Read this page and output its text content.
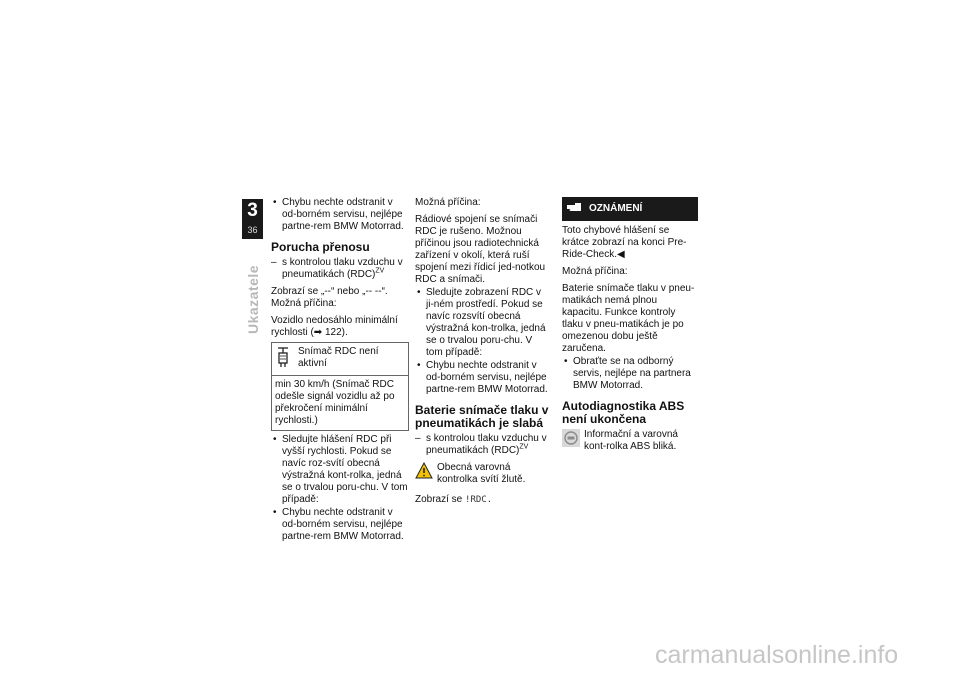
3
36
Ukazatele
• Chybu nechte odstranit v od-borném servisu, nejlépe partne-rem BMW Motorrad.
Porucha přenosu
– s kontrolou tlaku vzduchu v pneumatikách (RDC)$^{ZV}$

Zobrazí se „--“ nebo „-- --“.

Možná příčina:

Vozidlo nedosáhlo minimální rychlosti (➡ 122).

Snímač RDC není aktivní
min 30 km/h (Snímač RDC odešle signál vozidlu až po překročení minimální rychlosti.)
• Sledujte hlášení RDC při vyšší rychlosti. Pokud se navíc roz-svítí obecná výstražná kont-rolka, jedná se o trvalou poru-chu. V tom případě:
• Chybu nechte odstranit v od-borném servisu, nejlépe partne-rem BMW Motorrad.

Možná příčina:

Rádiové spojení se snímači RDC je rušeno. Možnou příčinou jsou radiotechnická zařízení v okolí, která ruší spojení mezi řídicí jed-notkou RDC a snímači.

• Sledujte zobrazení RDC v ji-ném prostředí. Pokud se navíc rozsvítí obecná výstražná kon-trolka, jedná se o trvalou poru-chu. V tom případě:
• Chybu nechte odstranit v od-borném servisu, nejlépe partne-rem BMW Motorrad.
Baterie snímače tlaku v pneumatikách je slabá
– s kontrolou tlaku vzduchu v pneumatikách (RDC)$^{ZV}$
Obecná varovná kontrolka svítí žlutě.

Zobrazí se !RDC.

OZNÁMENÍ

Toto chybové hlášení se krátce zobrazí na konci Pre-Ride-Check.◀

Možná příčina:

Baterie snímače tlaku v pneu-matikách nemá plnou kapacitu. Funkce kontroly tlaku v pneu-matikách je po omezenou dobu ještě zaručena.

• Obraťte se na odborný servis, nejlépe na partnera BMW Motorrad.
Autodiagnostika ABS není ukončena
Informační a varovná kont-rolka ABS bliká.
carmanualsonline.info
